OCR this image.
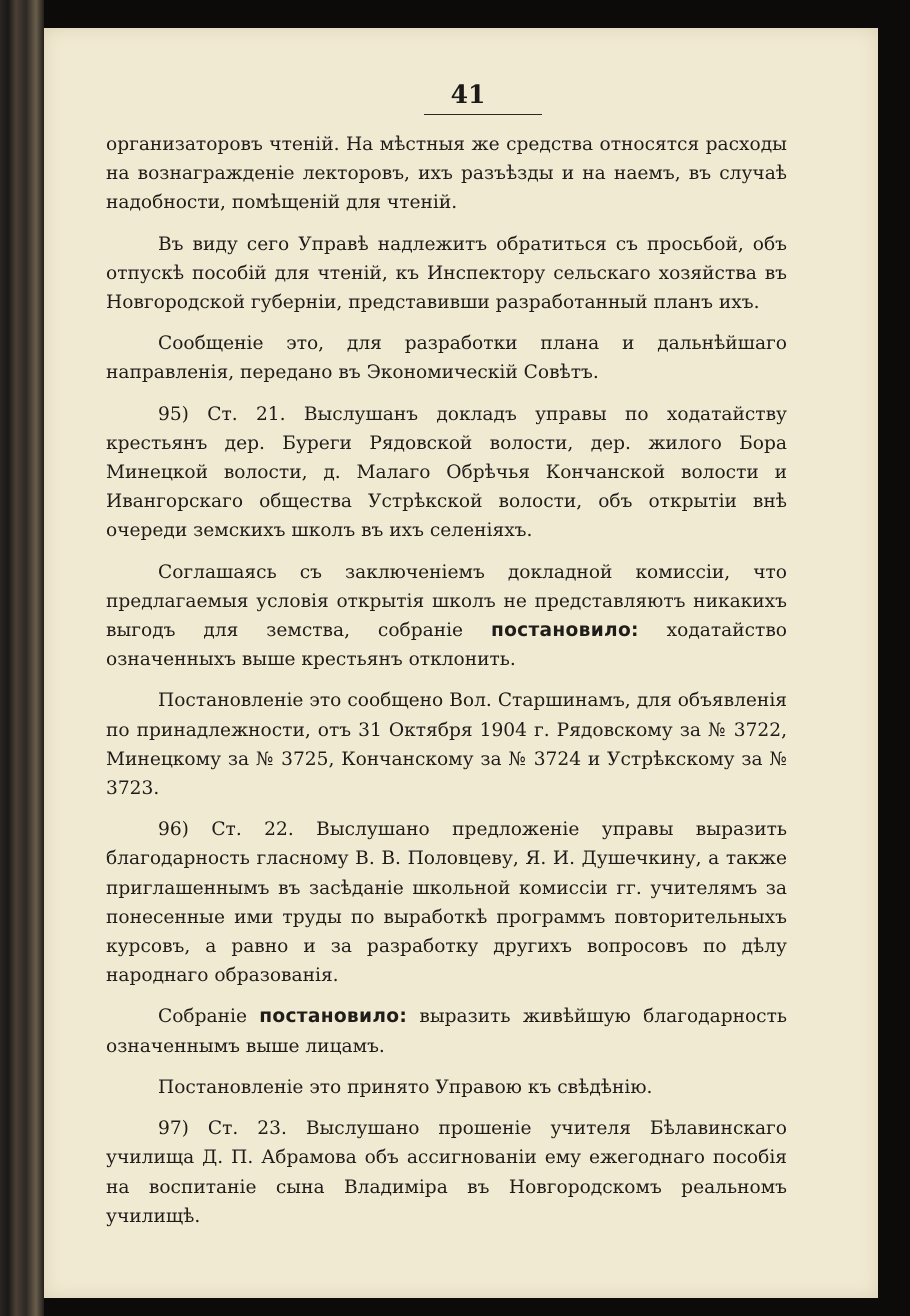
41

организаторовъ чтеній. На мѣстныя же средства относятся расходы на вознагражденіе лекторовъ, ихъ разъѣзды и на наемъ, въ случаѣ надобности, помѣщеній для чтеній.

Въ виду сего Управѣ надлежитъ обратиться съ просьбой, объ отпускѣ пособій для чтеній, къ Инспектору сельскаго хозяйства въ Новгородской губерніи, представивши разработанный планъ ихъ.

Сообщеніе это, для разработки плана и дальнѣйшаго направленія, передано въ Экономическій Совѣтъ.

95) Ст. 21. Выслушанъ докладъ управы по ходатайству крестьянъ дер. Буреги Рядовской волости, дер. жилого Бора Минецкой волости, д. Малаго Обрѣчья Кончанской волости и Ивангорскаго общества Устрѣкской волости, объ открытіи внѣ очереди земскихъ школъ въ ихъ селеніяхъ.

Соглашаясь съ заключеніемъ докладной комиссіи, что предлагаемыя условія открытія школъ не представляютъ никакихъ выгодъ для земства, собраніе постановило: ходатайство означенныхъ выше крестьянъ отклонить.

Постановленіе это сообщено Вол. Старшинамъ, для объявленія по принадлежности, отъ 31 Октября 1904 г. Рядовскому за № 3722, Минецкому за № 3725, Кончанскому за № 3724 и Устрѣкскому за № 3723.

96) Ст. 22. Выслушано предложеніе управы выразить благодарность гласному В. В. Половцеву, Я. И. Душечкину, а также приглашеннымъ въ засѣданіе школьной комиссіи гг. учителямъ за понесенные ими труды по выработкѣ программъ повторительныхъ курсовъ, а равно и за разработку другихъ вопросовъ по дѣлу народнаго образованія.

Собраніе постановило: выразить живѣйшую благодарность означеннымъ выше лицамъ.

Постановленіе это принято Управою къ свѣдѣнію.

97) Ст. 23. Выслушано прошеніе учителя Бѣлавинскаго училища Д. П. Абрамова объ ассигнованіи ему ежегоднаго пособія на воспитаніе сына Владиміра въ Новгородскомъ реальномъ училищѣ.
